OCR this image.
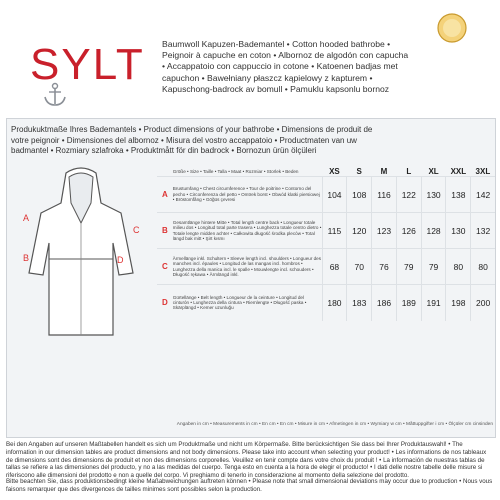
SYLT Baumwoll Kapuzen-Bademantel • Cotton hooded bathrobe •
Peignoir à capuche en coton • Albornoz de algodón con capucha
• Accappatoio con cappuccio in cotone • Katoenen badjas met
capuchon • Bawełniany płaszcz kąpielowy z kapturem •
Kapuschong-badrock av bomull • Pamuklu kapsonlu bornoz
Produkuktmaße Ihres Bademantels • Product dimensions of your bathrobe • Dimensions de produit de
votre peignoir • Dimensiones del albornoz • Misura del vostro accappatoio • Productmaten van uw
badmantel • Rozmiary szlafroka • Produktmått för din badrock • Bornozun ürün ölçüleri
A
B
C
D
	Größe • Size • Taille • Talla • Maat • Rozmiar • Storlek • Beden	XS	S	M	L	XL	XXL	3XL
A	Brustumfang • Chest circumference • Tour de poitrine • Contorno del pecho • Circonferenza del petto • Omtrek borst • Obwód klatki piersiowej • Bröstomfång • Göğüs çevresi	104	108	116	122	130	138	142
B	Gesamtlänge hintere Mitte • Total length centre back • Longueur totale milieu dos • Longitud total parte trasera • Lunghezza totale centro dietro • Totale lengte midden achter • Całkowita długość środka pleców • Total längd bak mitt • Şirt kısmı	115	120	123	126	128	130	132
C	Ärmellänge inkl. Schultern • Sleeve length incl. shoulders • Longueur des manches incl. épaules • Longitud de las mangas incl. hombros • Lunghezza della manica incl. le spalle • Mouwlengte incl. schouders • Długość rękawa • Ärmlängd inkl.	68	70	76	79	79	80	80
D	Gürtellänge • Belt length • Longueur de la ceinture • Longitud del cinturón • Lunghezza della cintura • Riemlengte • Długość paska • Skärplängd • Kemer uzunluğu	180	183	186	189	191	198	200
Angaben in cm • Measurements in cm • En cm • En cm • Misure in cm • Afmetingen in cm • Wymiary w cm • Måttuppgifter i cm • Ölçüler cm cinsinden
Bei den Angaben auf unseren Maßtabellen handelt es sich um Produktmaße und nicht um Körpermaße. Bitte berücksichtigen Sie dass bei Ihrer Produktauswahl! • The information in our dimension tables are product dimensions and not body dimensions. Please take into account when selecting your product! • Les informations de nos tableaux de dimensions sont des dimensions de produit et non des dimensions corporelles. Veuillez en tenir compte dans votre choix du produit ! • La información de nuestras tablas de tallas se refiere a las dimensiones del producto, y no a las medidas del cuerpo. Tenga esto en cuenta a la hora de elegir el producto! • I dati delle nostre tabelle delle misure si riferiscono alle dimensioni del prodotto e non a quelle del corpo. Vi preghiamo di tenerlo in considerazione al momento della selezione del prodotto.
Bitte beachten Sie, dass produktionsbedingt kleine Maßabweichungen auftreten können • Please note that small dimensional deviations may occur due to production • Nous vous faisons remarquer que des divergences de tailles minimes sont possibles selon la production.
